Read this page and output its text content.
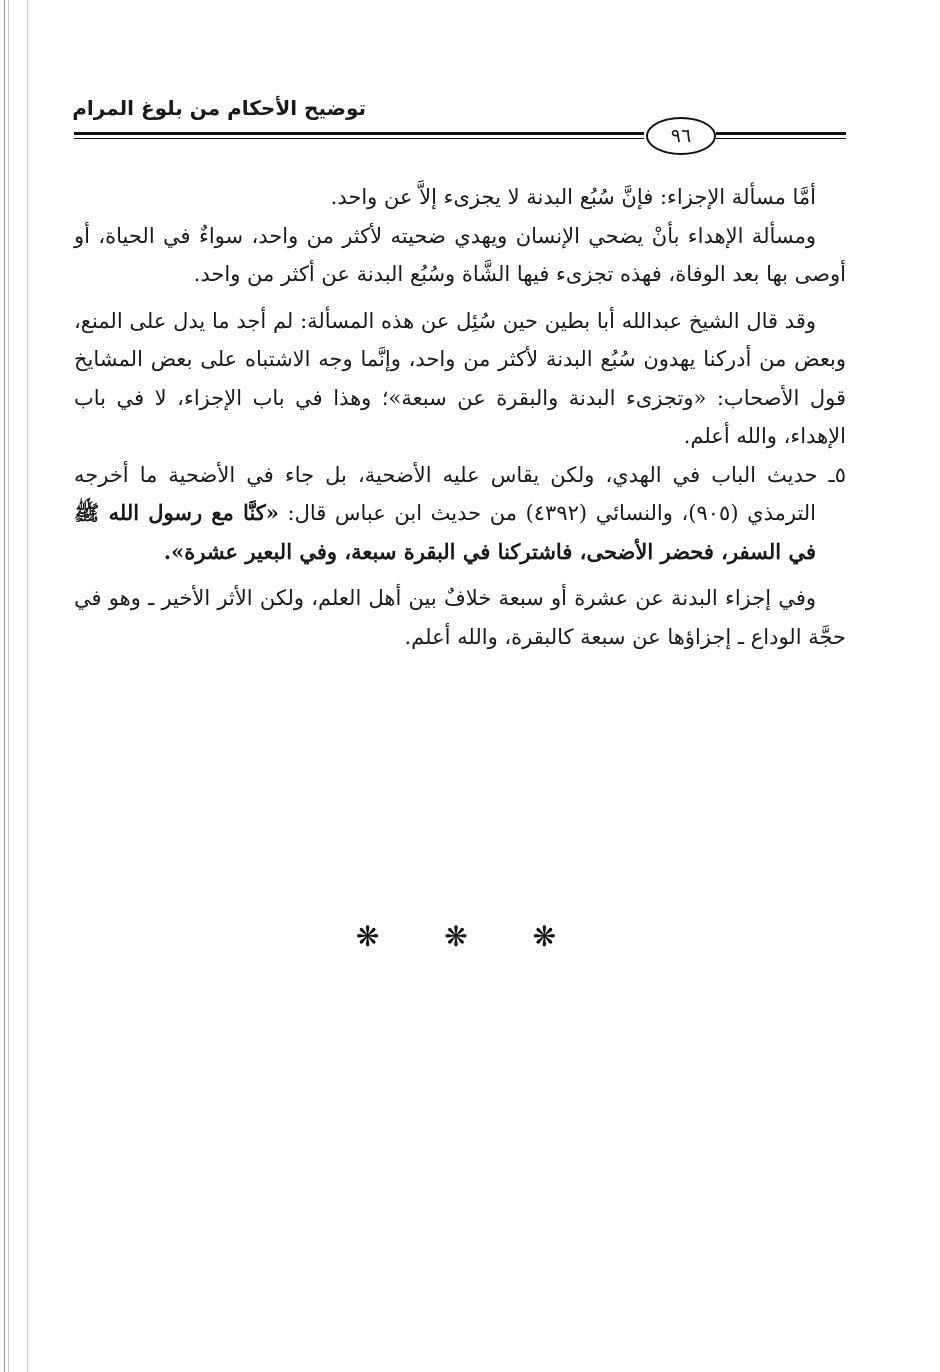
توضيح الأحكام من بلوغ المرام
٩٦

أمَّا مسألة الإجزاء: فإنَّ سُبُع البدنة لا يجزىء إلاَّ عن واحد.

ومسألة الإهداء بأنْ يضحي الإنسان ويهدي ضحيته لأكثر من واحد، سواءٌ في الحياة، أو أوصى بها بعد الوفاة، فهذه تجزىء فيها الشَّاة وسُبُع البدنة عن أكثر من واحد.

وقد قال الشيخ عبدالله أبا بطين حين سُئِل عن هذه المسألة: لم أجد ما يدل على المنع، وبعض من أدركنا يهدون سُبُع البدنة لأكثر من واحد، وإنَّما وجه الاشتباه على بعض المشايخ قول الأصحاب: «وتجزىء البدنة والبقرة عن سبعة»؛ وهذا في باب الإجزاء، لا في باب الإهداء، والله أعلم.

٥ـ حديث الباب في الهدي، ولكن يقاس عليه الأضحية، بل جاء في الأضحية ما أخرجه الترمذي (٩٠٥)، والنسائي (٤٣٩٢) من حديث ابن عباس قال: «كنَّا مع رسول الله ﷺ في السفر، فحضر الأضحى، فاشتركنا في البقرة سبعة، وفي البعير عشرة».

وفي إجزاء البدنة عن عشرة أو سبعة خلافٌ بين أهل العلم، ولكن الأثر الأخير ـ وهو في حجَّة الوداع ـ إجزاؤها عن سبعة كالبقرة، والله أعلم.

❋ ❋ ❋
